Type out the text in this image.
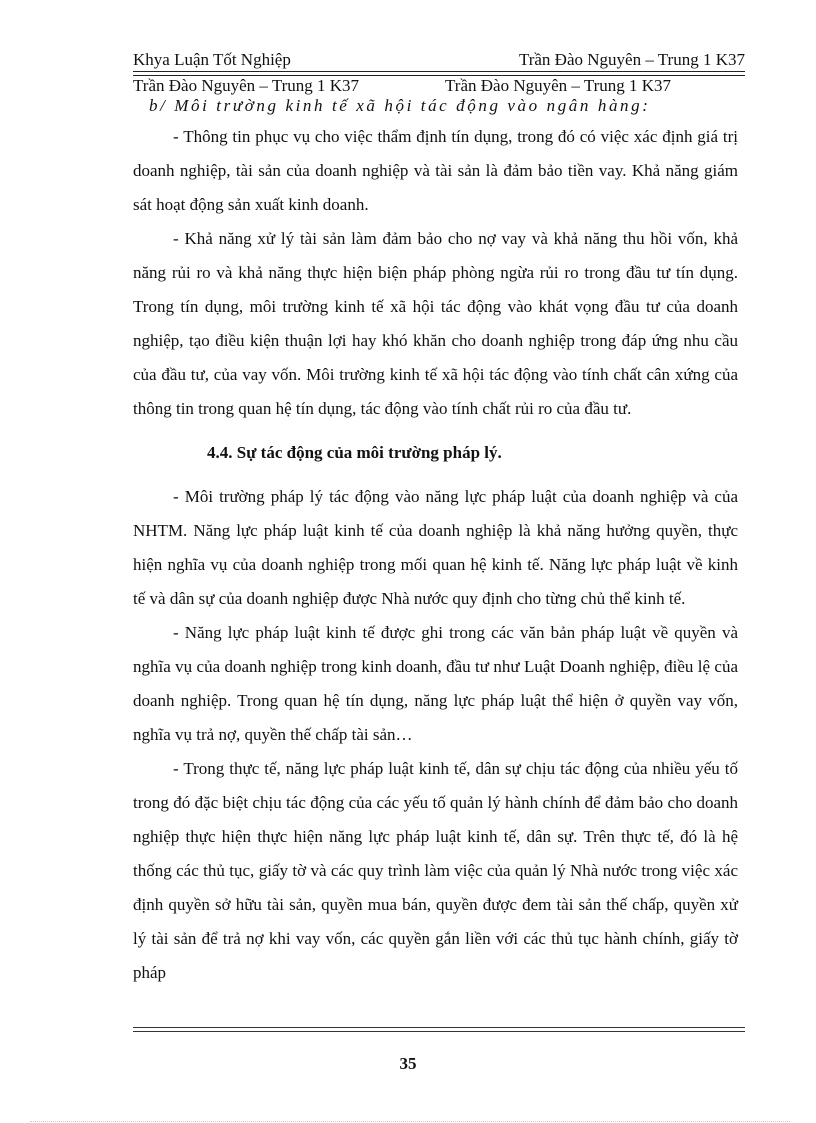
Khya Luận Tốt Nghiệp	Trần Đào Nguyên – Trung 1 K37
Trần Đào Nguyên – Trung 1 K37	Trần Đào Nguyên – Trung 1 K37

b/ Môi trường kinh tế xã hội tác động vào ngân hàng:

- Thông tin phục vụ cho việc thẩm định tín dụng, trong đó có việc xác định giá trị doanh nghiệp, tài sản của doanh nghiệp và tài sản là đảm bảo tiền vay. Khả năng giám sát hoạt động sản xuất kinh doanh.

- Khả năng xử lý tài sản làm đảm bảo cho nợ vay và khả năng thu hồi vốn, khả năng rủi ro và khả năng thực hiện biện pháp phòng ngừa rủi ro trong đầu tư tín dụng. Trong tín dụng, môi trường kinh tế xã hội tác động vào khát vọng đầu tư của doanh nghiệp, tạo điều kiện thuận lợi hay khó khăn cho doanh nghiệp trong đáp ứng nhu cầu của đầu tư, của vay vốn. Môi trường kinh tế xã hội tác động vào tính chất cân xứng của thông tin trong quan hệ tín dụng, tác động vào tính chất rủi ro của đầu tư.

4.4. Sự tác động của môi trường pháp lý.

- Môi trường pháp lý tác động vào năng lực pháp luật của doanh nghiệp và của NHTM. Năng lực pháp luật kinh tế của doanh nghiệp là khả năng hưởng quyền, thực hiện nghĩa vụ của doanh nghiệp trong mối quan hệ kinh tế. Năng lực pháp luật về kinh tế và dân sự của doanh nghiệp được Nhà nước quy định cho từng chủ thể kinh tế.

- Năng lực pháp luật kinh tế được ghi trong các văn bản pháp luật về quyền và nghĩa vụ của doanh nghiệp trong kinh doanh, đầu tư như Luật Doanh nghiệp, điều lệ của doanh nghiệp. Trong quan hệ tín dụng, năng lực pháp luật thể hiện ở quyền vay vốn, nghĩa vụ trả nợ, quyền thế chấp tài sản…

- Trong thực tế, năng lực pháp luật kinh tế, dân sự chịu tác động của nhiều yếu tố trong đó đặc biệt chịu tác động của các yếu tố quản lý hành chính để đảm bảo cho doanh nghiệp thực hiện thực hiện năng lực pháp luật kinh tế, dân sự. Trên thực tế, đó là hệ thống các thủ tục, giấy tờ và các quy trình làm việc của quản lý Nhà nước trong việc xác định quyền sở hữu tài sản, quyền mua bán, quyền được đem tài sản thế chấp, quyền xử lý tài sản để trả nợ khi vay vốn, các quyền gắn liền với các thủ tục hành chính, giấy tờ pháp

35
